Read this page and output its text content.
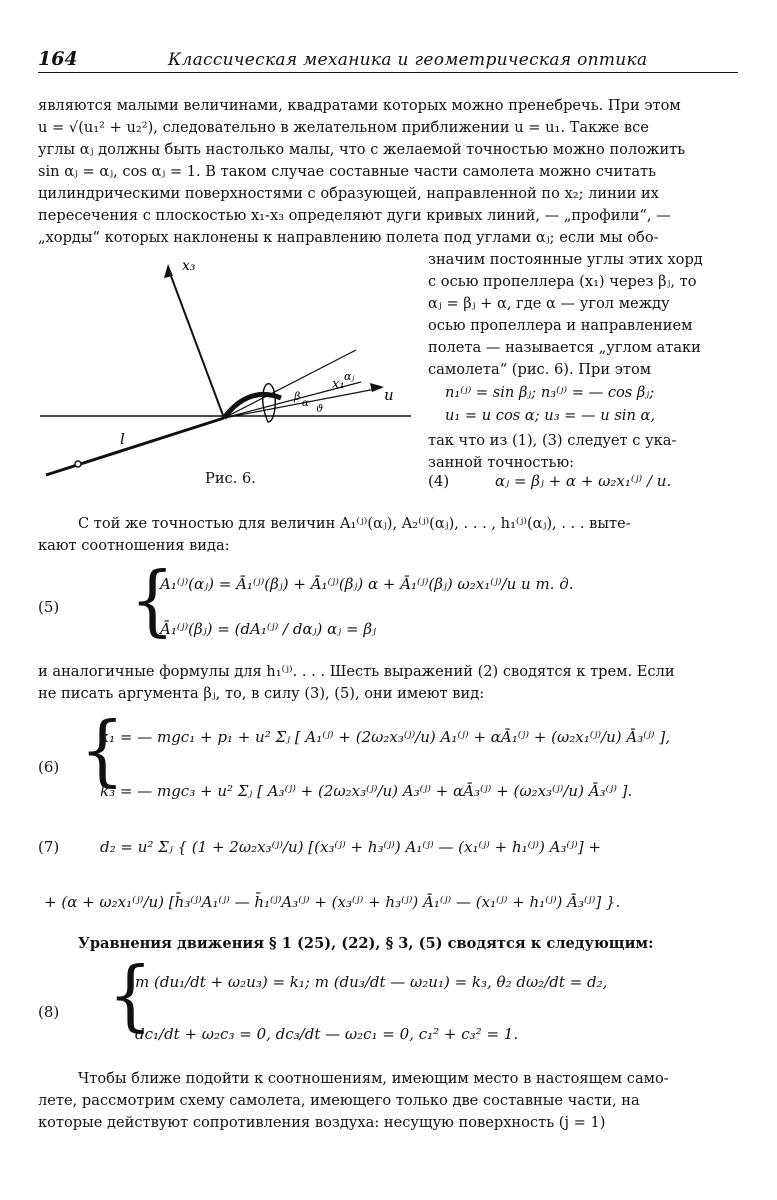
164	Классическая механика и геометрическая оптика
являются малыми величинами, квадратами которых можно пренебречь. При этом
u = √(u₁² + u₂²), следовательно в желательном приближении u = u₁. Также все
углы αⱼ должны быть настолько малы, что с желаемой точностью можно положить
sin αⱼ = αⱼ, cos αⱼ = 1. В таком случае составные части самолета можно считать
цилиндрическими поверхностями с образующей, направленной по x₂; линии их
пересечения с плоскостью x₁-x₃ определяют дуги кривых линий, — „профили“, —
„хорды“ которых наклонены к направлению полета под углами αⱼ; если мы обо-
значим постоянные углы этих хорд
с осью пропеллера (x₁) через βⱼ, то
αⱼ = βⱼ + α, где α — угол между
осью пропеллера и направлением
полета — называется „углом атаки
самолета“ (рис. 6). При этом
n₁⁽ʲ⁾ = sin βⱼ; n₃⁽ʲ⁾ = — cos βⱼ;
u₁ = u cos α; u₃ = — u sin α,
так что из (1), (3) следует с ука-
занной точностью:
x₃
x₁
u
l
β
α
αⱼ
ϑ
Рис. 6.	(4)	αⱼ = βⱼ + α + ω₂x₁⁽ʲ⁾ / u.
С той же точностью для величин A₁⁽ʲ⁾(αⱼ), A₂⁽ʲ⁾(αⱼ), . . . , h₁⁽ʲ⁾(αⱼ), . . . выте-
кают соотношения вида:
(5) {
A₁⁽ʲ⁾(αⱼ) = Ā₁⁽ʲ⁾(βⱼ) + Ā₁⁽ʲ⁾(βⱼ) α + Ā₁⁽ʲ⁾(βⱼ) ω₂x₁⁽ʲ⁾/u и т. д.
Ā₁⁽ʲ⁾(βⱼ) = (dA₁⁽ʲ⁾ / dαⱼ) αⱼ = βⱼ
и аналогичные формулы для h₁⁽ʲ⁾. . . . Шесть выражений (2) сводятся к трем. Если
не писать аргумента βⱼ, то, в силу (3), (5), они имеют вид:
(6) {
k₁ = — mgc₁ + p₁ + u² Σⱼ [ A₁⁽ʲ⁾ + (2ω₂x₃⁽ʲ⁾/u) A₁⁽ʲ⁾ + αĀ₁⁽ʲ⁾ + (ω₂x₁⁽ʲ⁾/u) Ā₃⁽ʲ⁾ ],
k₃ = — mgc₃ + u² Σⱼ [ A₃⁽ʲ⁾ + (2ω₂x₃⁽ʲ⁾/u) A₃⁽ʲ⁾ + αĀ₃⁽ʲ⁾ + (ω₂x₃⁽ʲ⁾/u) Ā₃⁽ʲ⁾ ].
(7)	d₂ = u² Σⱼ { (1 + 2ω₂x₃⁽ʲ⁾/u) [(x₃⁽ʲ⁾ + h₃⁽ʲ⁾) A₁⁽ʲ⁾ — (x₁⁽ʲ⁾ + h₁⁽ʲ⁾) A₃⁽ʲ⁾] +
+ (α + ω₂x₁⁽ʲ⁾/u) [h̄₃⁽ʲ⁾A₁⁽ʲ⁾ — h̄₁⁽ʲ⁾A₃⁽ʲ⁾ + (x₃⁽ʲ⁾ + h₃⁽ʲ⁾) Ā₁⁽ʲ⁾ — (x₁⁽ʲ⁾ + h₁⁽ʲ⁾) Ā₃⁽ʲ⁾] }.
Уравнения движения § 1 (25), (22), § 3, (5) сводятся к следующим:
(8) {
m (du₁/dt + ω₂u₃) = k₁; m (du₃/dt — ω₂u₁) = k₃, θ₂ dω₂/dt = d₂,
dc₁/dt + ω₂c₃ = 0, dc₃/dt — ω₂c₁ = 0, c₁² + c₃² = 1.
Чтобы ближе подойти к соотношениям, имеющим место в настоящем само-
лете, рассмотрим схему самолета, имеющего только две составные части, на
которые действуют сопротивления воздуха: несущую поверхность (j = 1)
